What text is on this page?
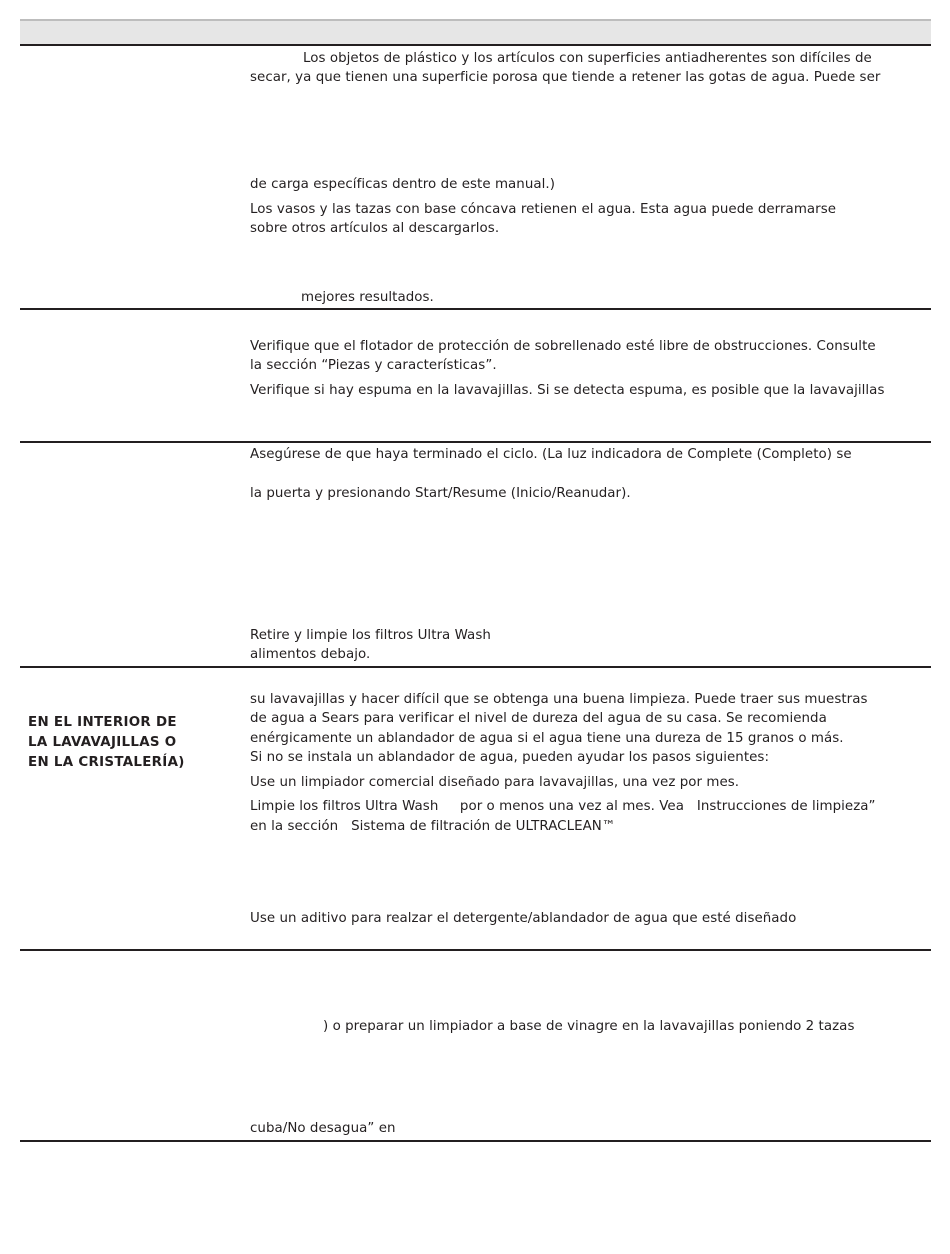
Los objetos de plástico y los artículos con superficies antiadherentes son difíciles de
secar, ya que tienen una superficie porosa que tiende a retener las gotas de agua. Puede ser
de carga específicas dentro de este manual.)
Los vasos y las tazas con base cóncava retienen el agua. Esta agua puede derramarse
sobre otros artículos al descargarlos.
mejores resultados.
Verifique que el flotador de protección de sobrellenado esté libre de obstrucciones. Consulte
la sección “Piezas y características”.
Verifique si hay espuma en la lavavajillas. Si se detecta espuma, es posible que la lavavajillas
Asegúrese de que haya terminado el ciclo. (La luz indicadora de Complete (Completo) se
la puerta y presionando Start/Resume (Inicio/Reanudar).
Retire y limpie los filtros Ultra Wash
alimentos debajo.
EN EL INTERIOR DE
LA LAVAVAJILLAS O
EN LA CRISTALERÍA)
su lavavajillas y hacer difícil que se obtenga una buena limpieza. Puede traer sus muestras
de agua a Sears para verificar el nivel de dureza del agua de su casa. Se recomienda
enérgicamente un ablandador de agua si el agua tiene una dureza de 15 granos o más.
Si no se instala un ablandador de agua, pueden ayudar los pasos siguientes:
Use un limpiador comercial diseñado para lavavajillas, una vez por mes.
Limpie los filtros Ultra Wash     por o menos una vez al mes. Vea   Instrucciones de limpieza”
en la sección   Sistema de filtración de ULTRACLEAN™
Use un aditivo para realzar el detergente/ablandador de agua que esté diseñado
) o preparar un limpiador a base de vinagre en la lavavajillas poniendo 2 tazas
cuba/No desagua” en
